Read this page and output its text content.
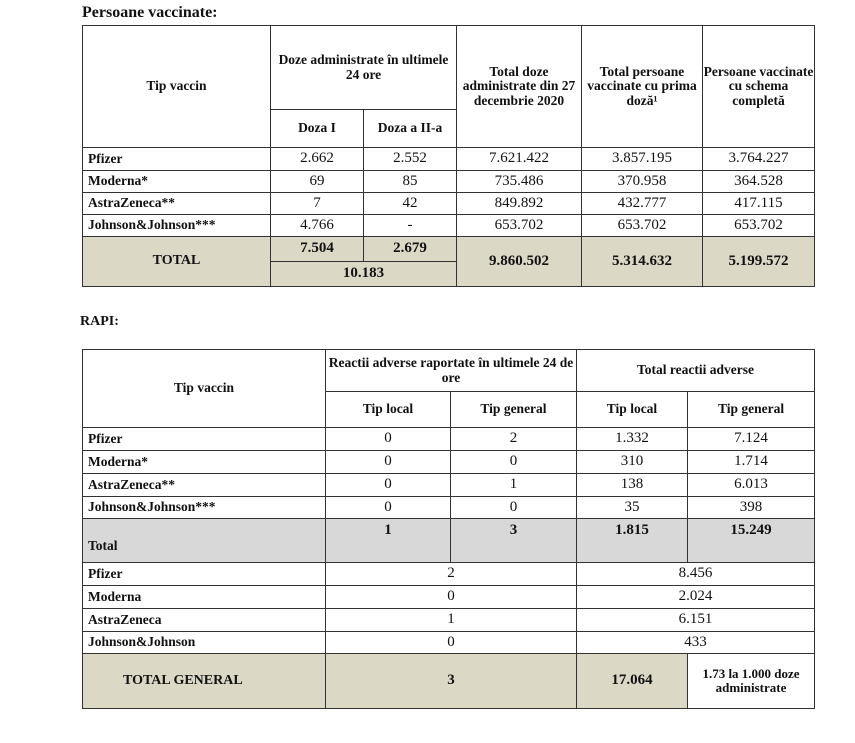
Persoane vaccinate:
Tip vaccin	Doze administrate în ultimele 24 ore		Total doze administrate din 27 decembrie 2020	Total persoane vaccinate cu prima doză¹	Persoane vaccinate cu schema completă
	Doza I	Doza a II-a			
Pfizer	2.662	2.552	7.621.422	3.857.195	3.764.227
Moderna*	69	85	735.486	370.958	364.528
AstraZeneca**	7	42	849.892	432.777	417.115
Johnson&Johnson***	4.766	-	653.702	653.702	653.702
TOTAL	7.504	2.679	9.860.502	5.314.632	5.199.572
	10.183				
RAPI:
Tip vaccin	Reactii adverse raportate în ultimele 24 de ore		Total reactii adverse	
	Tip local	Tip general	Tip local	Tip general
Pfizer	0	2	1.332	7.124
Moderna*	0	0	310	1.714
AstraZeneca**	0	1	138	6.013
Johnson&Johnson***	0	0	35	398
Total	1	3	1.815	15.249
Pfizer	2		8.456	
Moderna	0		2.024	
AstraZeneca	1		6.151	
Johnson&Johnson	0		433	
TOTAL GENERAL	3		17.064	1.73 la 1.000 doze administrate
